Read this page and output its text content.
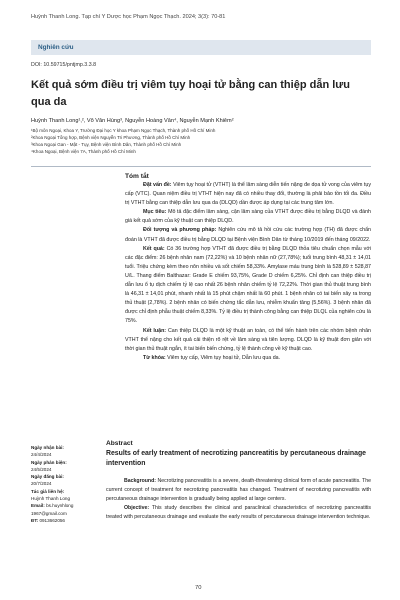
Huỳnh Thanh Long. Tạp chí Y Dược học Phạm Ngọc Thạch. 2024; 3(3): 70-81
Nghiên cứu
DOI: 10.59715/pntjmp.3.3.8
Kết quả sớm điều trị viêm tụy hoại tử bằng can thiệp dẫn lưu qua da
Huỳnh Thanh Long¹,², Võ Văn Hùng³, Nguyễn Hoàng Vân⁴, Nguyễn Mạnh Khiêm²
¹Bộ môn Ngoại, Khoa Y, Trường Đại học Y khoa Phạm Ngọc Thạch, Thành phố Hồ Chí Minh
²Khoa Ngoại Tổng hợp, Bệnh viện Nguyễn Tri Phương, Thành phố Hồ Chí Minh
³Khoa Ngoại Gan - Mật - Tụy, Bệnh viện Bình Dân, Thành phố Hồ Chí Minh
⁴Khoa Ngoại, Bệnh viện 7A, Thành phố Hồ Chí Minh
Tóm tắt

Đặt vấn đề: Viêm tụy hoại tử (VTHT) là thể lâm sàng diễn tiến nặng đe dọa tử vong của viêm tụy cấp (VTC). Quan niệm điều trị VTHT hiện nay đã có nhiều thay đổi, thường là phải bảo tồn tối đa. Điều trị VTHT bằng can thiệp dẫn lưu qua da (DLQD) dần được áp dụng tại các trung tâm lớn.

Mục tiêu: Mô tả đặc điểm lâm sàng, cận lâm sàng của VTHT được điều trị bằng DLQD và đánh giá kết quả sớm của kỹ thuật can thiệp DLQD.

Đối tượng và phương pháp: Nghiên cứu mô tả hồi cứu các trường hợp (TH) đã được chẩn đoán là VTHT đã được điều trị bằng DLQD tại Bệnh viện Bình Dân từ tháng 10/2019 đến tháng 09/2022.

Kết quả: Có 36 trường hợp VTHT đã được điều trị bằng DLQD thỏa tiêu chuẩn chọn mẫu với các đặc điểm: 26 bệnh nhân nam (72,22%) và 10 bệnh nhân nữ (27,78%); tuổi trung bình 48,31 ± 14,01 tuổi. Triệu chứng kèm theo nôn nhiều và sốt chiếm 58,33%. Amylase máu trung bình là 528,89 ± 528,87 U/L. Thang điểm Balthazar: Grade E chiếm 93,75%, Grade D chiếm 6,25%. Chỉ định can thiệp điều trị dẫn lưu ổ tụ dịch chiếm tỷ lệ cao nhất 26 bệnh nhân chiếm tỷ lệ 72,22%. Thời gian thủ thuật trung bình là 46,31 ± 14,01 phút, nhanh nhất là 15 phút chậm nhất là 60 phút. 1 bệnh nhân có tai biến xảy ra trong thủ thuật (2,78%). 2 bệnh nhân có biến chứng tắc dẫn lưu, nhiễm khuẩn tăng (5,56%). 3 bệnh nhân đã được chỉ định phẫu thuật chiếm 8,33%. Tỷ lệ điều trị thành công bằng can thiệp DLQL của nghiên cứu là 75%.

Kết luận: Can thiệp DLQD là một kỹ thuật an toàn, có thể tiến hành trên các nhóm bệnh nhân VTHT thể nặng cho kết quả cải thiện rõ rệt về lâm sàng và tiên lượng. DLQD là kỹ thuật đơn giản với thời gian thủ thuật ngắn, ít tai biến biến chứng, tỷ lệ thành công về kỹ thuật cao.

Từ khóa: Viêm tụy cấp, Viêm tụy hoại tử, Dẫn lưu qua da.

Abstract
Results of early treatment of necrotizing pancreatitis by percutaneous drainage intervention

Background: Necrotizing pancreatitis is a severe, death-threatening clinical form of acute pancreatitis. The current concept of treatment for necrotizing pancreatitis has changed. Treatment of necrotizing pancreatitis with percutaneous drainage intervention is gradually being applied at large centers.

Objective: This study describes the clinical and paraclinical characteristics of necrotizing pancreatitis treated with percutaneous drainage and evaluate the early results of percutaneous drainage intervention technique.

Ngày nhận bài:
24/4/2024
Ngày phản biện:
24/5/2024
Ngày đăng bài:
20/7/2024
Tác giả liên hệ:
Huỳnh Thanh Long
Email: bs.huynhlong
1967@gmail.com
ĐT: 0913662056
70
